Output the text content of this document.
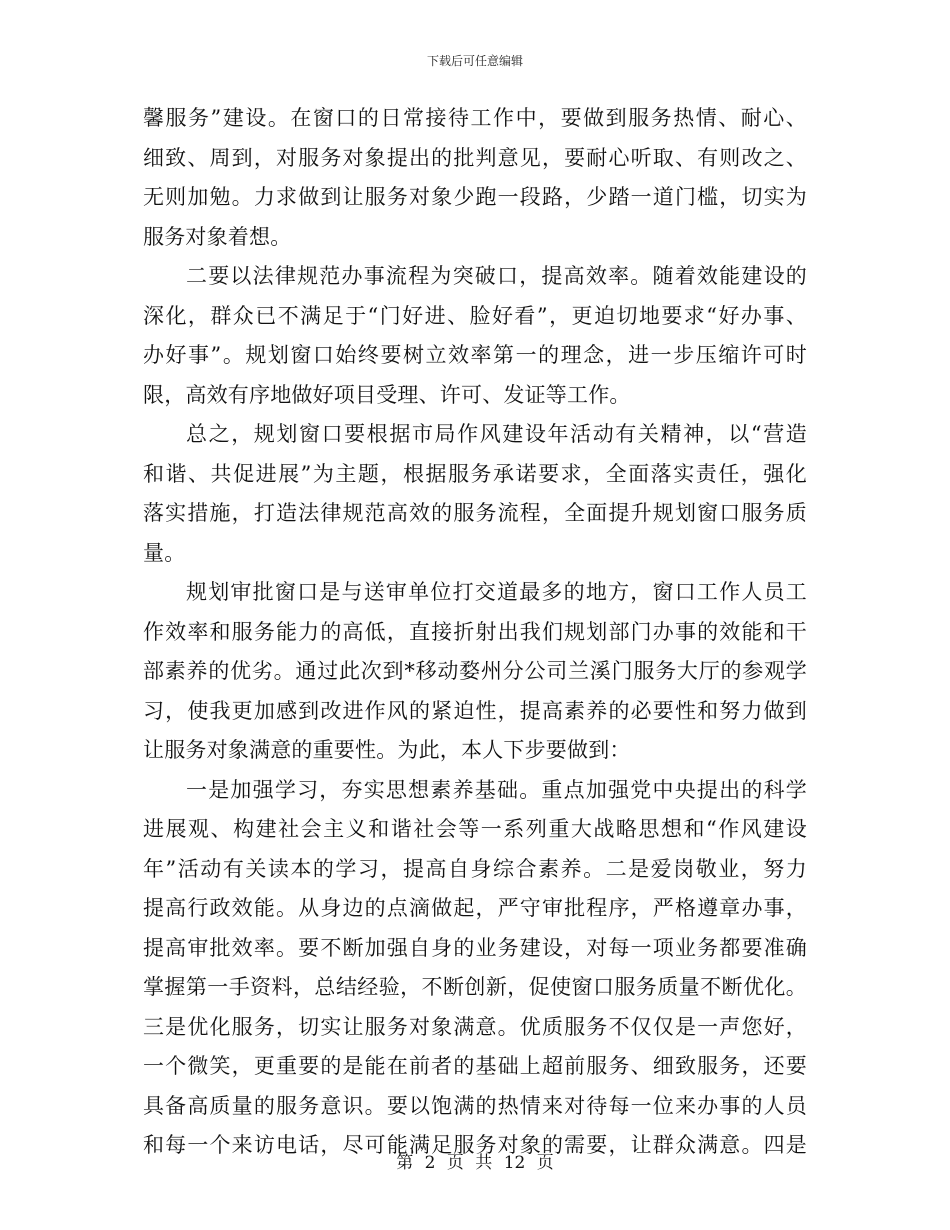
下载后可任意编辑
馨服务”建设。在窗口的日常接待工作中，要做到服务热情、耐心、
细致、周到，对服务对象提出的批判意见，要耐心听取、有则改之、
无则加勉。力求做到让服务对象少跑一段路，少踏一道门槛，切实为
服务对象着想。
二要以法律规范办事流程为突破口，提高效率。随着效能建设的
深化，群众已不满足于“门好进、脸好看”，更迫切地要求“好办事、
办好事”。规划窗口始终要树立效率第一的理念，进一步压缩许可时
限，高效有序地做好项目受理、许可、发证等工作。
总之，规划窗口要根据市局作风建设年活动有关精神，以“营造
和谐、共促进展”为主题，根据服务承诺要求，全面落实责任，强化
落实措施，打造法律规范高效的服务流程，全面提升规划窗口服务质
量。
规划审批窗口是与送审单位打交道最多的地方，窗口工作人员工
作效率和服务能力的高低，直接折射出我们规划部门办事的效能和干
部素养的优劣。通过此次到*移动婺州分公司兰溪门服务大厅的参观学
习，使我更加感到改进作风的紧迫性，提高素养的必要性和努力做到
让服务对象满意的重要性。为此，本人下步要做到：
一是加强学习，夯实思想素养基础。重点加强党中央提出的科学
进展观、构建社会主义和谐社会等一系列重大战略思想和“作风建设
年”活动有关读本的学习，提高自身综合素养。二是爱岗敬业，努力
提高行政效能。从身边的点滴做起，严守审批程序，严格遵章办事，
提高审批效率。要不断加强自身的业务建设，对每一项业务都要准确
掌握第一手资料，总结经验，不断创新，促使窗口服务质量不断优化。
三是优化服务，切实让服务对象满意。优质服务不仅仅是一声您好，
一个微笑，更重要的是能在前者的基础上超前服务、细致服务，还要
具备高质量的服务意识。要以饱满的热情来对待每一位来办事的人员
和每一个来访电话，尽可能满足服务对象的需要，让群众满意。四是
第 2 页 共 12 页
